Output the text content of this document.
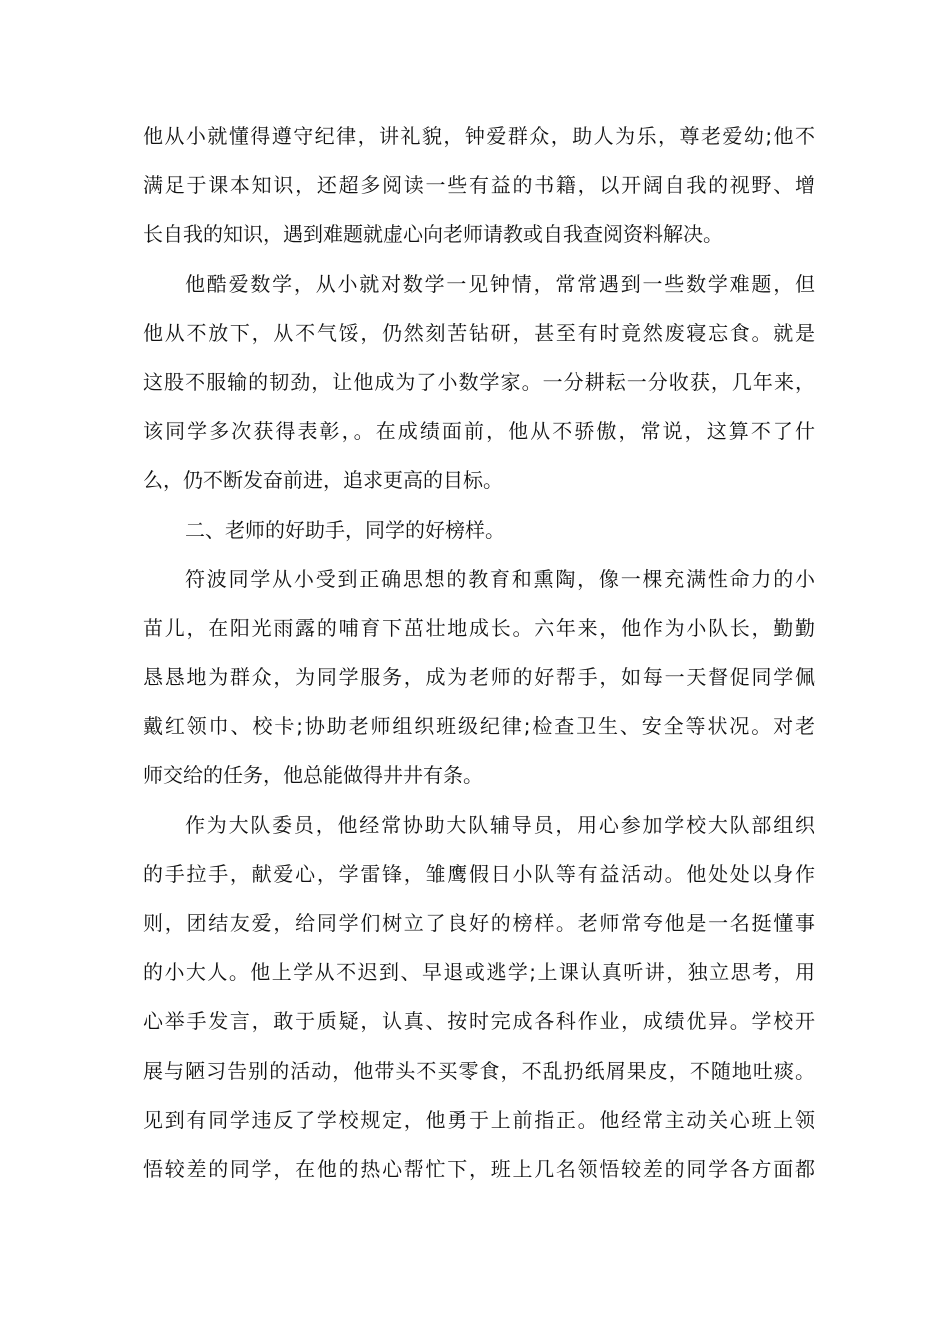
他从小就懂得遵守纪律，讲礼貌，钟爱群众，助人为乐，尊老爱幼;他不
满足于课本知识，还超多阅读一些有益的书籍，以开阔自我的视野、增
长自我的知识，遇到难题就虚心向老师请教或自我查阅资料解决。
他酷爱数学，从小就对数学一见钟情，常常遇到一些数学难题，但
他从不放下，从不气馁，仍然刻苦钻研，甚至有时竟然废寝忘食。就是
这股不服输的韧劲，让他成为了小数学家。一分耕耘一分收获，几年来，
该同学多次获得表彰，。在成绩面前，他从不骄傲，常说，这算不了什
么，仍不断发奋前进，追求更高的目标。
二、老师的好助手，同学的好榜样。
符波同学从小受到正确思想的教育和熏陶，像一棵充满性命力的小
苗儿，在阳光雨露的哺育下茁壮地成长。六年来，他作为小队长，勤勤
恳恳地为群众，为同学服务，成为老师的好帮手，如每一天督促同学佩
戴红领巾、校卡;协助老师组织班级纪律;检查卫生、安全等状况。对老
师交给的任务，他总能做得井井有条。
作为大队委员，他经常协助大队辅导员，用心参加学校大队部组织
的手拉手，献爱心，学雷锋，雏鹰假日小队等有益活动。他处处以身作
则，团结友爱，给同学们树立了良好的榜样。老师常夸他是一名挺懂事
的小大人。他上学从不迟到、早退或逃学;上课认真听讲，独立思考，用
心举手发言，敢于质疑，认真、按时完成各科作业，成绩优异。学校开
展与陋习告别的活动，他带头不买零食，不乱扔纸屑果皮，不随地吐痰。
见到有同学违反了学校规定，他勇于上前指正。他经常主动关心班上领
悟较差的同学，在他的热心帮忙下，班上几名领悟较差的同学各方面都
